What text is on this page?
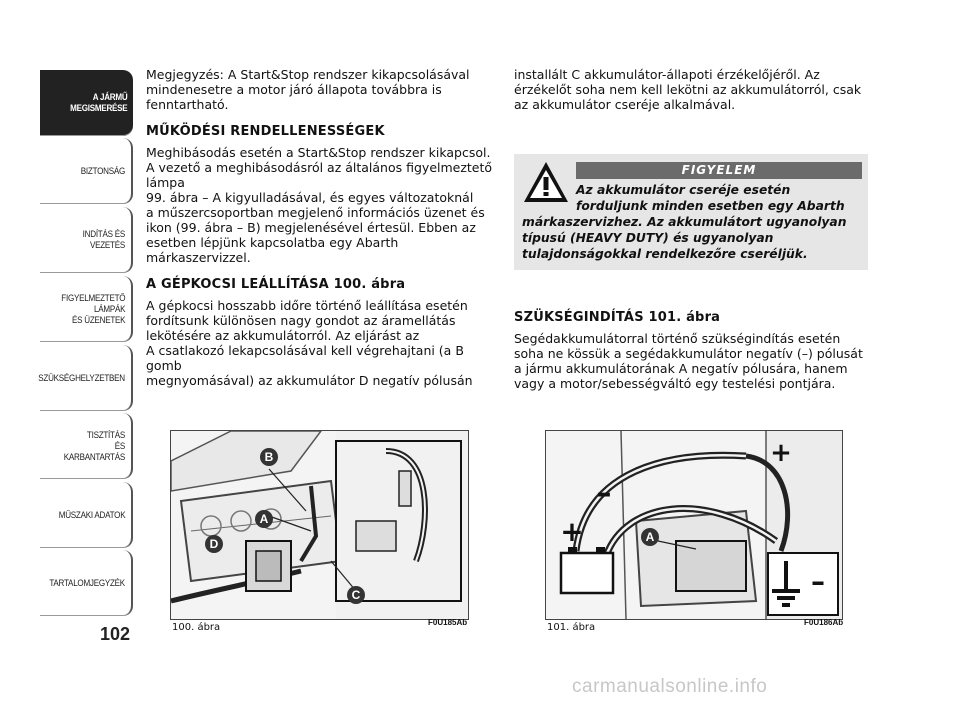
A JÁRMŰ
MEGISMERÉSE
BIZTONSÁG
INDÍTÁS ÉS VEZETÉS
FIGYELMEZTETŐ
LÁMPÁK
ÉS ÜZENETEK
SZÜKSÉGHELYZETBEN
TISZTÍTÁS
ÉS KARBANTARTÁS
MŰSZAKI ADATOK
TARTALOMJEGYZÉK
102

Megjegyzés: A Start&Stop rendszer kikapcsolásával
mindenesetre a motor járó állapota továbbra is
fenntartható.

MŰKÖDÉSI RENDELLENESSÉGEK

Meghibásodás esetén a Start&Stop rendszer kikapcsol.
A vezető a meghibásodásról az általános figyelmeztető
lámpa
99. ábra – A kigyulladásával, és egyes változatoknál
a műszercsoportban megjelenő információs üzenet és
ikon (99. ábra – B) megjelenésével értesül. Ebben az
esetben lépjünk kapcsolatba egy Abarth
márkaszervizzel.

A GÉPKOCSI LEÁLLÍTÁSA 100. ábra

A gépkocsi hosszabb időre történő leállítása esetén
fordítsunk különösen nagy gondot az áramellátás
lekötésére az akkumulátorról. Az eljárást az
A csatlakozó lekapcsolásával kell végrehajtani (a B gomb
megnyomásával) az akkumulátor D negatív pólusán

installált C akkumulátor-állapoti érzékelőjéről. Az
érzékelőt soha nem kell lekötni az akkumulátorról, csak
az akkumulátor cseréje alkalmával.

FIGYELEM
Az akkumulátor cseréje esetén
forduljunk minden esetben egy Abarth
márkaszervizhez. Az akkumulátort ugyanolyan
típusú (HEAVY DUTY) és ugyanolyan
tulajdonságokkal rendelkezőre cseréljük.

SZÜKSÉGINDÍTÁS 101. ábra

Segédakkumulátorral történő szükségindítás esetén
soha ne kössük a segédakkumulátor negatív (–) pólusát
a jármu akkumulátorának A negatív pólusára, hanem
vagy a motor/sebességváltó egy testelési pontjára.

B
A
D
C
100. ábra	F0U185Ab
+
–
+
–
A
101. ábra	F0U186Ab
carmanualsonline.info
